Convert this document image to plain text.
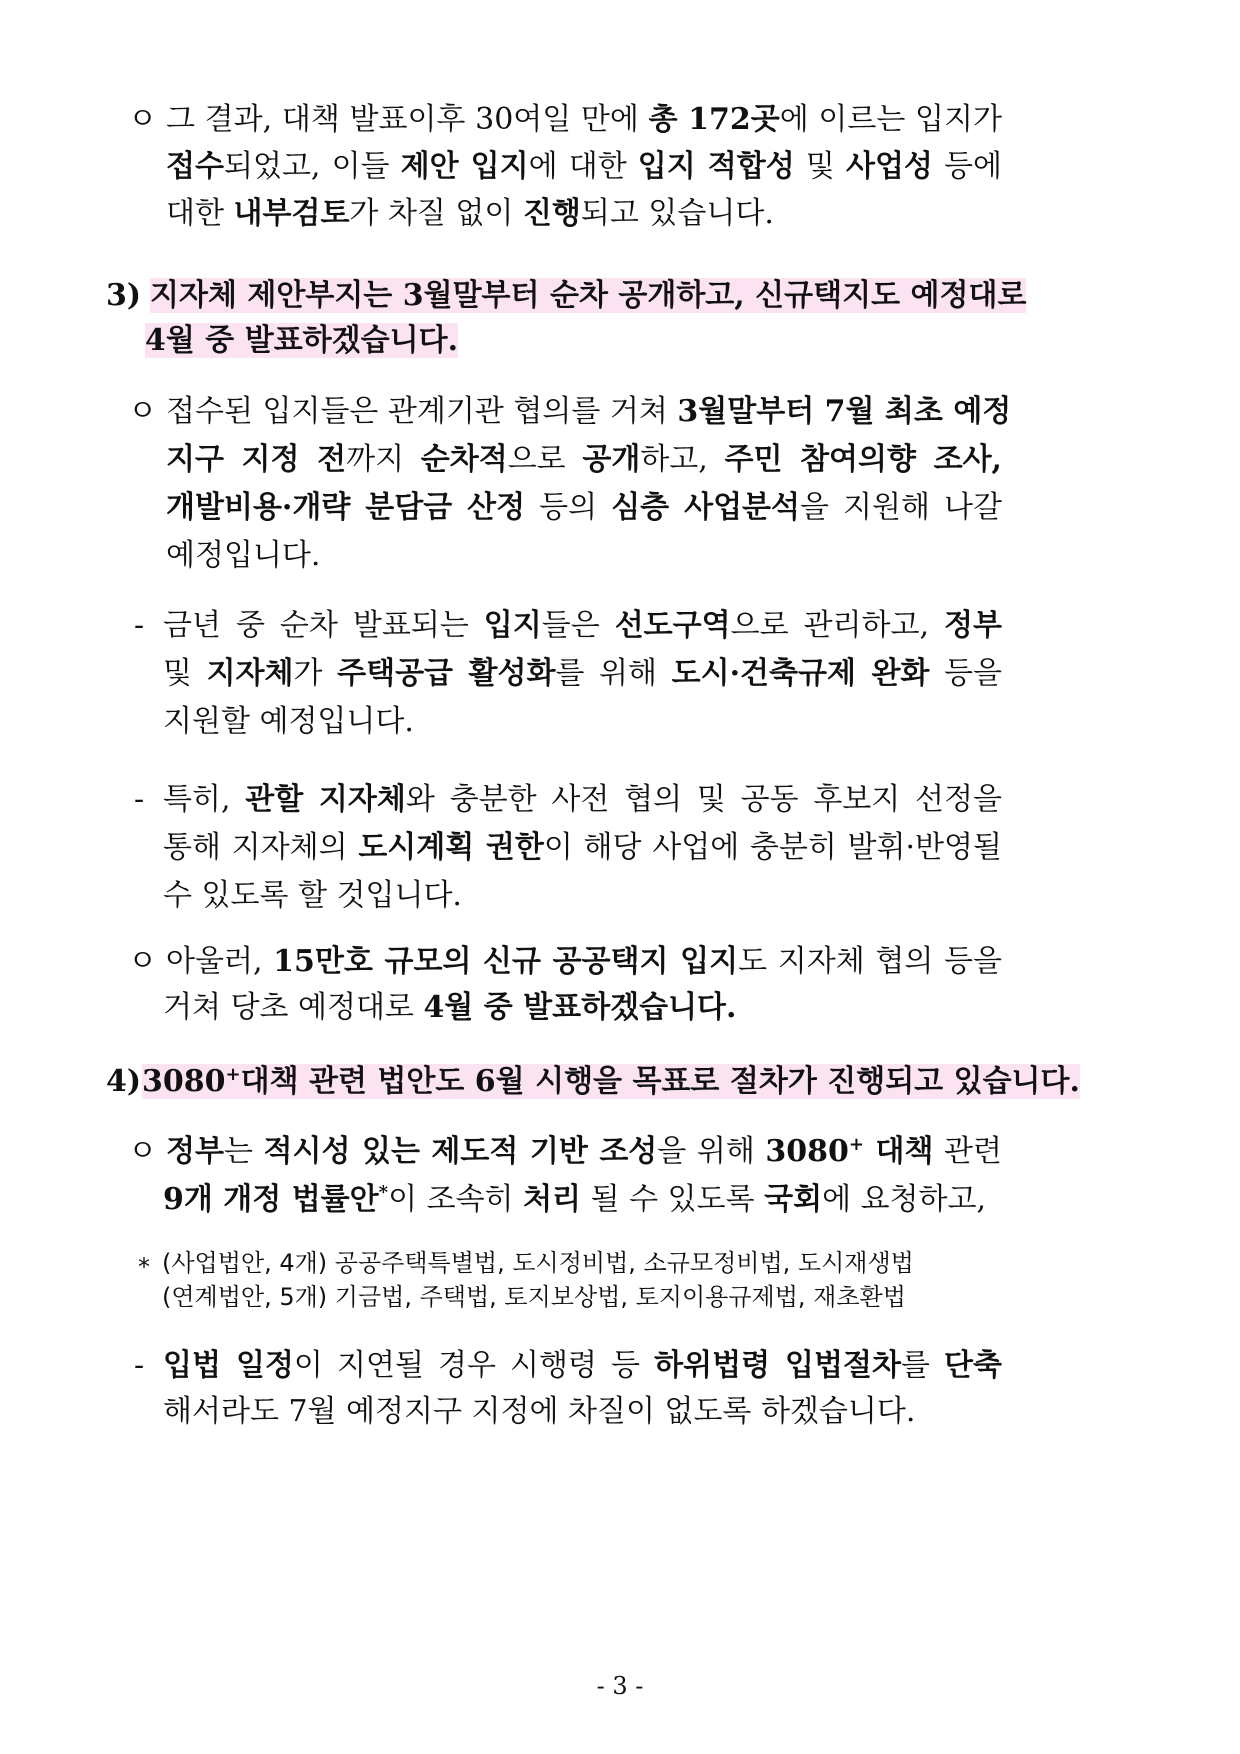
ㅇ 그 결과, 대책 발표이후 30여일 만에 총 172곳에 이르는 입지가
접수되었고, 이들 제안 입지에 대한 입지 적합성 및 사업성 등에
대한 내부검토가 차질 없이 진행되고 있습니다.
3) 지자체 제안부지는 3월말부터 순차 공개하고, 신규택지도 예정대로
4월 중 발표하겠습니다.
ㅇ 접수된 입지들은 관계기관 협의를 거쳐 3월말부터 7월 최초 예정
지구 지정 전까지 순차적으로 공개하고, 주민 참여의향 조사,
개발비용·개략 분담금 산정 등의 심층 사업분석을 지원해 나갈
예정입니다.
- 금년 중 순차 발표되는 입지들은 선도구역으로 관리하고, 정부
및 지자체가 주택공급 활성화를 위해 도시·건축규제 완화 등을
지원할 예정입니다.
- 특히, 관할 지자체와 충분한 사전 협의 및 공동 후보지 선정을
통해 지자체의 도시계획 권한이 해당 사업에 충분히 발휘·반영될
수 있도록 할 것입니다.
ㅇ 아울러, 15만호 규모의 신규 공공택지 입지도 지자체 협의 등을
거쳐 당초 예정대로 4월 중 발표하겠습니다.
4) 3080+대책 관련 법안도 6월 시행을 목표로 절차가 진행되고 있습니다.
ㅇ 정부는 적시성 있는 제도적 기반 조성을 위해 3080+ 대책 관련
9개 개정 법률안*이 조속히 처리 될 수 있도록 국회에 요청하고,
* (사업법안, 4개) 공공주택특별법, 도시정비법, 소규모정비법, 도시재생법
(연계법안, 5개) 기금법, 주택법, 토지보상법, 토지이용규제법, 재초환법
- 입법 일정이 지연될 경우 시행령 등 하위법령 입법절차를 단축
해서라도 7월 예정지구 지정에 차질이 없도록 하겠습니다.
- 3 -
